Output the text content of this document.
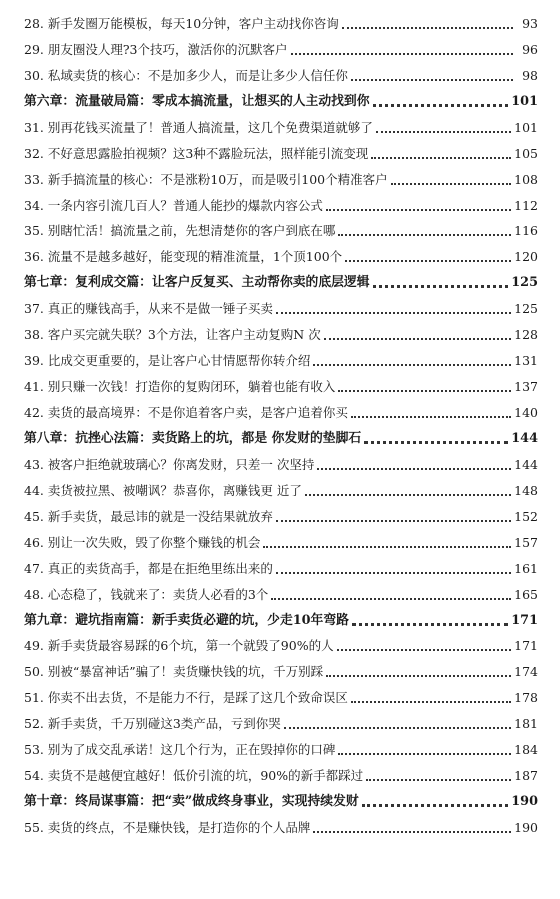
28. 新手发圈万能模板，每天10分钟，客户主动找你咨询	93
29. 朋友圈没人理?3个技巧，激活你的沉默客户	96
30. 私域卖货的核心：不是加多少人，而是让多少人信任你	98
第六章：流量破局篇：零成本搞流量，让想买的人主动找到你	101
31. 别再花钱买流量了！普通人搞流量，这几个免费渠道就够了	101
32. 不好意思露脸拍视频？这3种不露脸玩法，照样能引流变现	105
33. 新手搞流量的核心：不是涨粉10万，而是吸引100个精准客户	108
34. 一条内容引流几百人？普通人能抄的爆款内容公式	112
35. 别瞎忙活！搞流量之前，先想清楚你的客户到底在哪	116
36. 流量不是越多越好，能变现的精准流量，1个顶100个	120
第七章：复利成交篇：让客户反复买、主动帮你卖的底层逻辑	125
37. 真正的赚钱高手，从来不是做一锤子买卖	125
38. 客户买完就失联？3个方法，让客户主动复购N 次	128
39. 比成交更重要的，是让客户心甘情愿帮你转介绍	131
41. 别只赚一次钱！打造你的复购闭环，躺着也能有收入	137
42. 卖货的最高境界：不是你追着客户卖，是客户追着你买	140
第八章：抗挫心法篇：卖货路上的坑，都是 你发财的垫脚石	144
43. 被客户拒绝就玻璃心？你离发财，只差一 次坚持	144
44. 卖货被拉黑、被嘲讽？恭喜你，离赚钱更 近了	148
45. 新手卖货，最忌讳的就是一没结果就放弃	152
46. 别让一次失败，毁了你整个赚钱的机会	157
47. 真正的卖货高手，都是在拒绝里练出来的	161
48. 心态稳了，钱就来了：卖货人必看的3个	165
第九章：避坑指南篇：新手卖货必避的坑，少走10年弯路	171
49. 新手卖货最容易踩的6个坑，第一个就毁了90%的人	171
50. 别被“暴富神话”骗了！卖货赚快钱的坑，千万别踩	174
51. 你卖不出去货，不是能力不行，是踩了这几个致命误区	178
52. 新手卖货，千万别碰这3类产品，亏到你哭	181
53. 别为了成交乱承诺！这几个行为，正在毁掉你的口碑	184
54. 卖货不是越便宜越好！低价引流的坑，90%的新手都踩过	187
第十章：终局谋事篇：把“卖”做成终身事业，实现持续发财	190
55. 卖货的终点，不是赚快钱，是打造你的个人品牌	190
